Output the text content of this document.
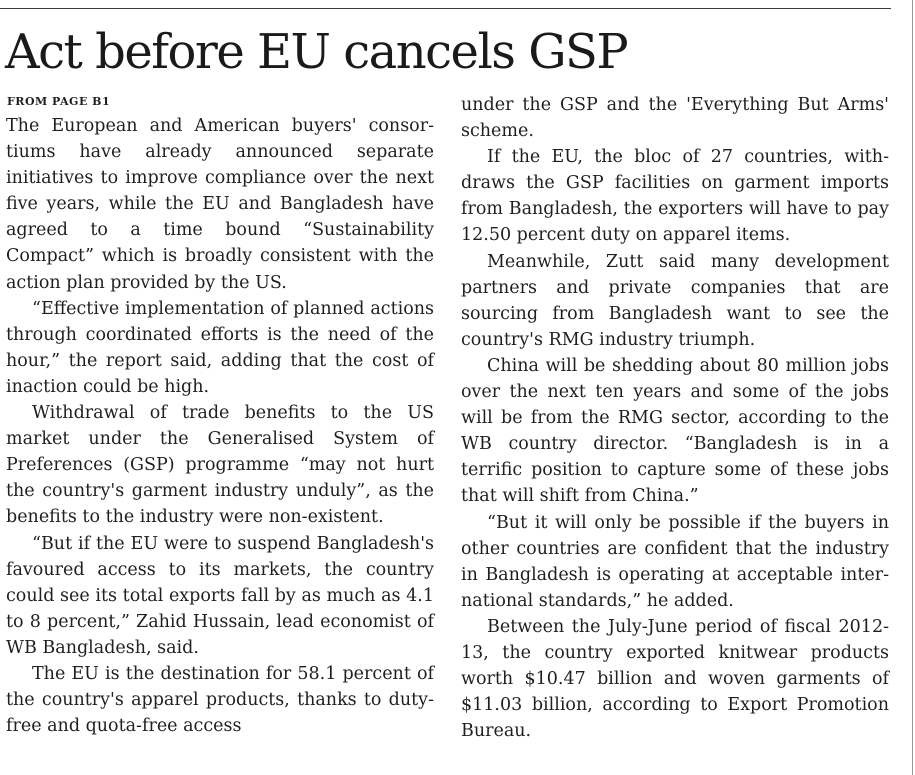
Act before EU cancels GSP
FROM PAGE B1

The European and American buyers' consortiums have already announced separate initiatives to improve compliance over the next five years, while the EU and Bangladesh have agreed to a time bound “Sustainability Compact” which is broadly consistent with the action plan provided by the US.

“Effective implementation of planned actions through coordinated efforts is the need of the hour,” the report said, adding that the cost of inaction could be high.

Withdrawal of trade benefits to the US market under the Generalised System of Preferences (GSP) programme “may not hurt the country's garment industry unduly”, as the benefits to the industry were non-existent.

“But if the EU were to suspend Bangladesh's favoured access to its markets, the country could see its total exports fall by as much as 4.1 to 8 percent,” Zahid Hussain, lead economist of WB Bangladesh, said.

The EU is the destination for 58.1 percent of the country's apparel products, thanks to duty-free and quota-free access

under the GSP and the 'Everything But Arms' scheme.

If the EU, the bloc of 27 countries, withdraws the GSP facilities on garment imports from Bangladesh, the exporters will have to pay 12.50 percent duty on apparel items.

Meanwhile, Zutt said many development partners and private companies that are sourcing from Bangladesh want to see the country's RMG industry triumph.

China will be shedding about 80 million jobs over the next ten years and some of the jobs will be from the RMG sector, according to the WB country director. “Bangladesh is in a terrific position to capture some of these jobs that will shift from China.”

“But it will only be possible if the buyers in other countries are confident that the industry in Bangladesh is operating at acceptable international standards,” he added.

Between the July-June period of fiscal 2012-13, the country exported knitwear products worth $10.47 billion and woven garments of $11.03 billion, according to Export Promotion Bureau.
